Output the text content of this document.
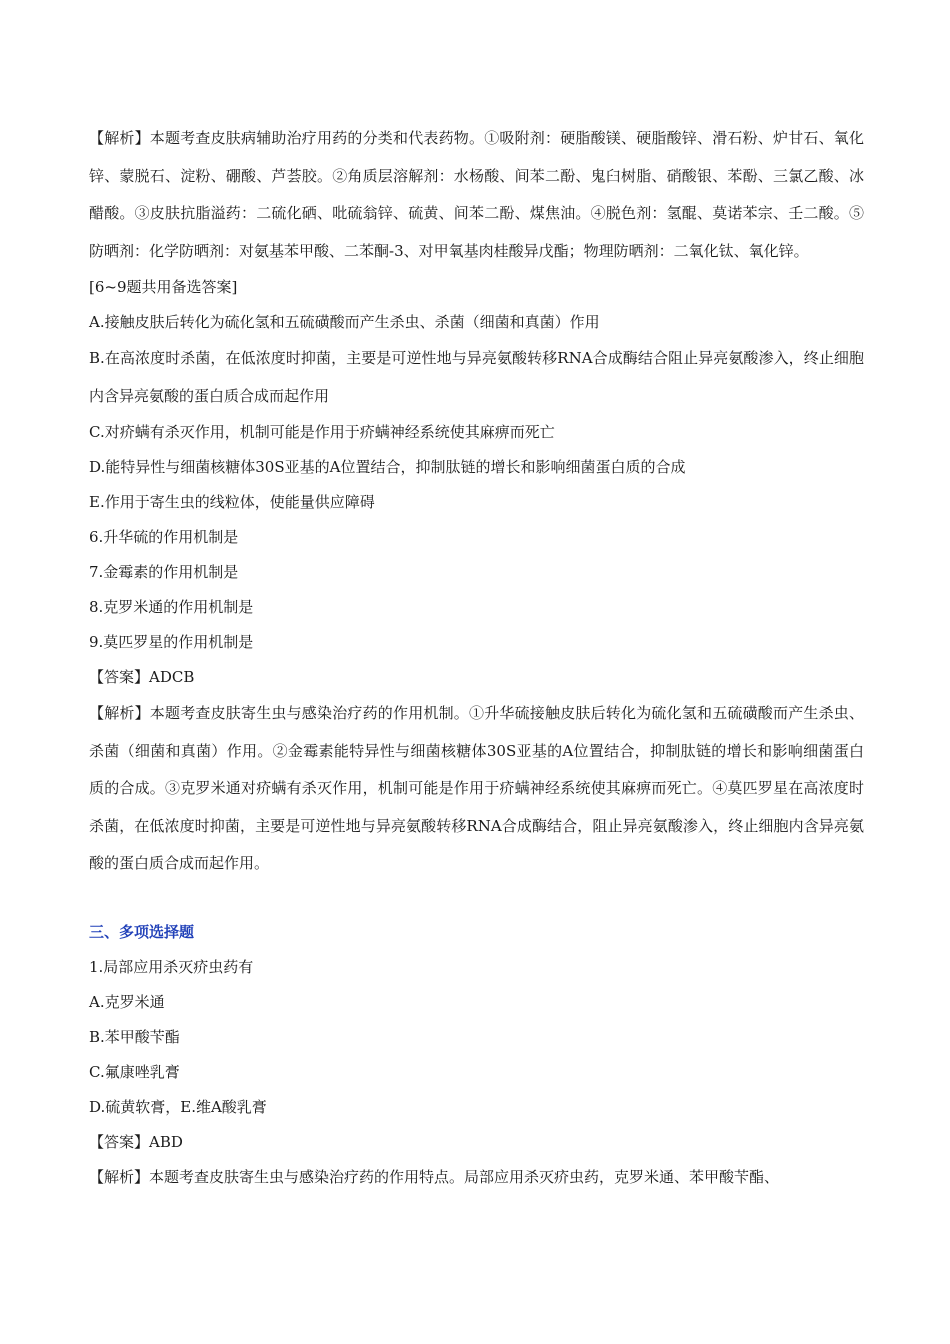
【解析】本题考查皮肤病辅助治疗用药的分类和代表药物。①吸附剂：硬脂酸镁、硬脂酸锌、滑石粉、炉甘石、氧化锌、蒙脱石、淀粉、硼酸、芦荟胶。②角质层溶解剂：水杨酸、间苯二酚、鬼臼树脂、硝酸银、苯酚、三氯乙酸、冰醋酸。③皮肤抗脂溢药：二硫化硒、吡硫翁锌、硫黄、间苯二酚、煤焦油。④脱色剂：氢醌、莫诺苯宗、壬二酸。⑤防晒剂：化学防晒剂：对氨基苯甲酸、二苯酮-3、对甲氧基肉桂酸异戊酯；物理防晒剂：二氧化钛、氧化锌。

[6~9题共用备选答案]

A.接触皮肤后转化为硫化氢和五硫磺酸而产生杀虫、杀菌（细菌和真菌）作用

B.在高浓度时杀菌，在低浓度时抑菌，主要是可逆性地与异亮氨酸转移RNA合成酶结合阻止异亮氨酸渗入，终止细胞内含异亮氨酸的蛋白质合成而起作用

C.对疥螨有杀灭作用，机制可能是作用于疥螨神经系统使其麻痹而死亡

D.能特异性与细菌核糖体30S亚基的A位置结合，抑制肽链的增长和影响细菌蛋白质的合成

E.作用于寄生虫的线粒体，使能量供应障碍

6.升华硫的作用机制是

7.金霉素的作用机制是

8.克罗米通的作用机制是

9.莫匹罗星的作用机制是

【答案】ADCB

【解析】本题考查皮肤寄生虫与感染治疗药的作用机制。①升华硫接触皮肤后转化为硫化氢和五硫磺酸而产生杀虫、杀菌（细菌和真菌）作用。②金霉素能特异性与细菌核糖体30S亚基的A位置结合，抑制肽链的增长和影响细菌蛋白质的合成。③克罗米通对疥螨有杀灭作用，机制可能是作用于疥螨神经系统使其麻痹而死亡。④莫匹罗星在高浓度时杀菌，在低浓度时抑菌，主要是可逆性地与异亮氨酸转移RNA合成酶结合，阻止异亮氨酸渗入，终止细胞内含异亮氨酸的蛋白质合成而起作用。

三、多项选择题

1.局部应用杀灭疥虫药有

A.克罗米通

B.苯甲酸苄酯

C.氟康唑乳膏

D.硫黄软膏，E.维A酸乳膏

【答案】ABD

【解析】本题考查皮肤寄生虫与感染治疗药的作用特点。局部应用杀灭疥虫药，克罗米通、苯甲酸苄酯、
